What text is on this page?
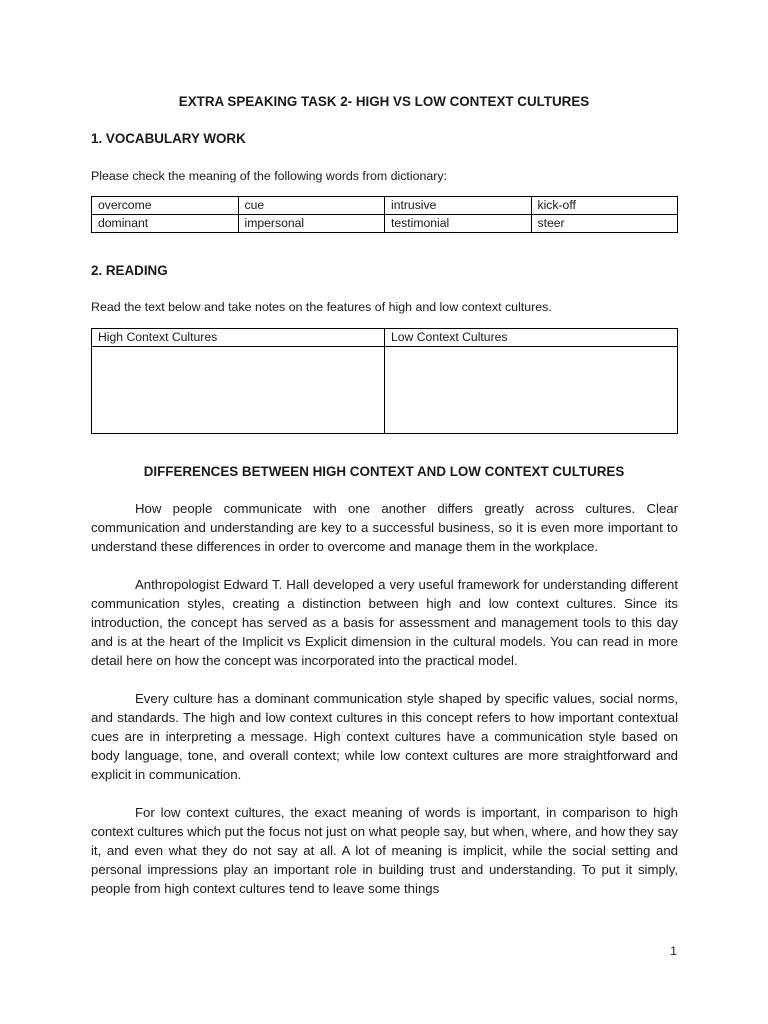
EXTRA SPEAKING TASK 2- HIGH VS LOW CONTEXT CULTURES
1. VOCABULARY WORK

Please check the meaning of the following words from dictionary:

overcome	cue	intrusive	kick-off
dominant	impersonal	testimonial	steer
2. READING

Read the text below and take notes on the features of high and low context cultures.

High Context Cultures	Low Context Cultures

DIFFERENCES BETWEEN HIGH CONTEXT AND LOW CONTEXT CULTURES

How people communicate with one another differs greatly across cultures. Clear communication and understanding are key to a successful business, so it is even more important to understand these differences in order to overcome and manage them in the workplace.

Anthropologist Edward T. Hall developed a very useful framework for understanding different communication styles, creating a distinction between high and low context cultures. Since its introduction, the concept has served as a basis for assessment and management tools to this day and is at the heart of the Implicit vs Explicit dimension in the cultural models. You can read in more detail here on how the concept was incorporated into the practical model.

Every culture has a dominant communication style shaped by specific values, social norms, and standards. The high and low context cultures in this concept refers to how important contextual cues are in interpreting a message. High context cultures have a communication style based on body language, tone, and overall context; while low context cultures are more straightforward and explicit in communication.

For low context cultures, the exact meaning of words is important, in comparison to high context cultures which put the focus not just on what people say, but when, where, and how they say it, and even what they do not say at all. A lot of meaning is implicit, while the social setting and personal impressions play an important role in building trust and understanding. To put it simply, people from high context cultures tend to leave some things

1
